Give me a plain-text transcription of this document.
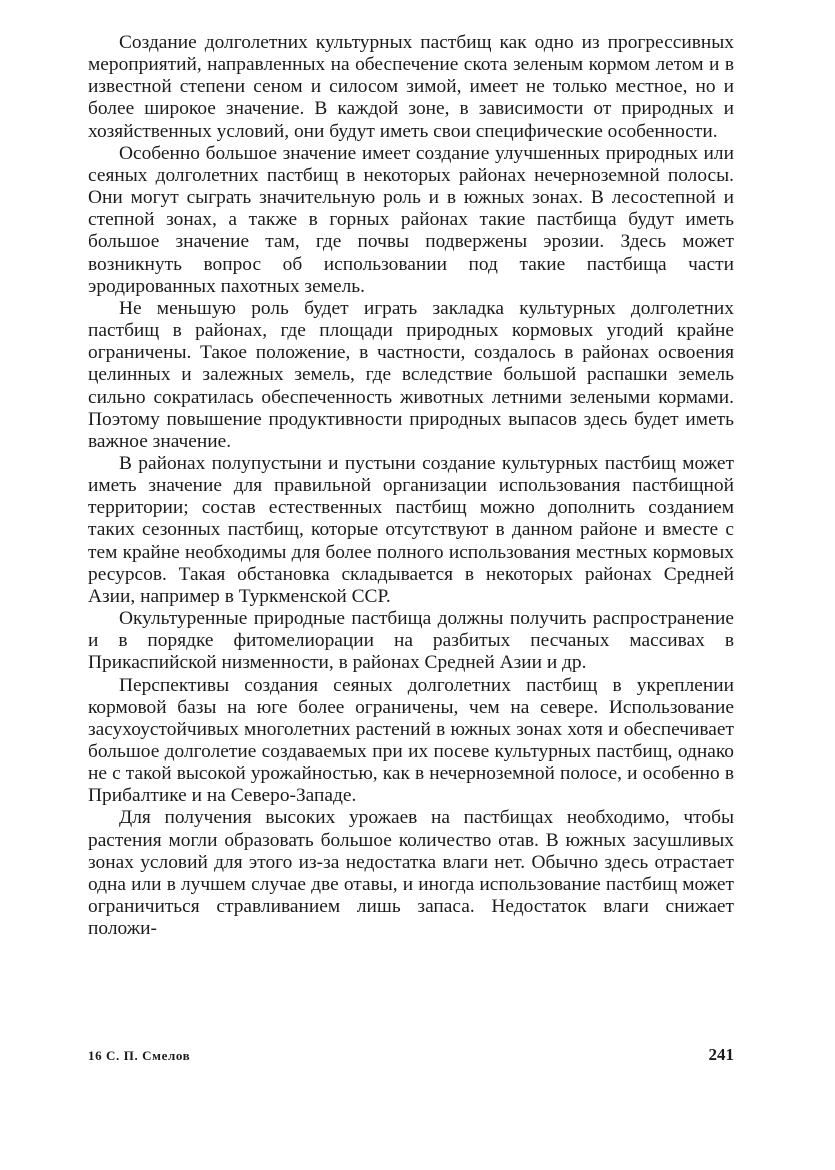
Создание долголетних культурных пастбищ как одно из прогрессивных мероприятий, направленных на обеспечение скота зеленым кормом летом и в известной степени сеном и силосом зимой, имеет не только местное, но и более широкое значение. В каждой зоне, в зависимости от природных и хозяйственных условий, они будут иметь свои специфические особенности.

Особенно большое значение имеет создание улучшенных природных или сеяных долголетних пастбищ в некоторых районах нечерноземной полосы. Они могут сыграть значительную роль и в южных зонах. В лесостепной и степной зонах, а также в горных районах такие пастбища будут иметь большое значение там, где почвы подвержены эрозии. Здесь может возникнуть вопрос об использовании под такие пастбища части эродированных пахотных земель.

Не меньшую роль будет играть закладка культурных долголетних пастбищ в районах, где площади природных кормовых угодий крайне ограничены. Такое положение, в частности, создалось в районах освоения целинных и залежных земель, где вследствие большой распашки земель сильно сократилась обеспеченность животных летними зелеными кормами. Поэтому повышение продуктивности природных выпасов здесь будет иметь важное значение.

В районах полупустыни и пустыни создание культурных пастбищ может иметь значение для правильной организации использования пастбищной территории; состав естественных пастбищ можно дополнить созданием таких сезонных пастбищ, которые отсутствуют в данном районе и вместе с тем крайне необходимы для более полного использования местных кормовых ресурсов. Такая обстановка складывается в некоторых районах Средней Азии, например в Туркменской ССР.

Окультуренные природные пастбища должны получить распространение и в порядке фитомелиорации на разбитых песчаных массивах в Прикаспийской низменности, в районах Средней Азии и др.

Перспективы создания сеяных долголетних пастбищ в укреплении кормовой базы на юге более ограничены, чем на севере. Использование засухоустойчивых многолетних растений в южных зонах хотя и обеспечивает большое долголетие создаваемых при их посеве культурных пастбищ, однако не с такой высокой урожайностью, как в нечерноземной полосе, и особенно в Прибалтике и на Северо-Западе.

Для получения высоких урожаев на пастбищах необходимо, чтобы растения могли образовать большое количество отав. В южных засушливых зонах условий для этого из-за недостатка влаги нет. Обычно здесь отрастает одна или в лучшем случае две отавы, и иногда использование пастбищ может ограничиться стравливанием лишь запаса. Недостаток влаги снижает положи-

16 С. П. Смелов	241
